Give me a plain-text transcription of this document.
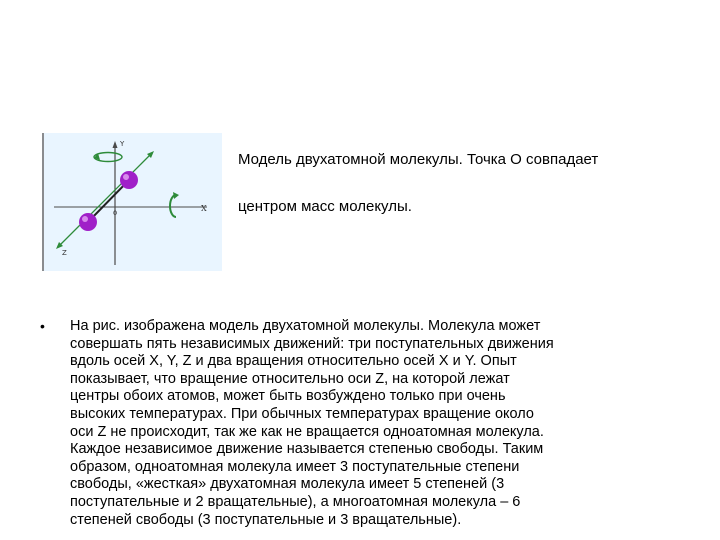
Y
X
Z
0

Модель двухатомной молекулы. Точка О совпадает

центром масс молекулы.

•	На рис. изображена модель двухатомной молекулы. Молекула может
совершать пять независимых движений: три поступательных движения
вдоль осей X, Y, Z и два вращения относительно осей X и Y. Опыт
показывает, что вращение относительно оси Z, на которой лежат
центры обоих атомов, может быть возбуждено только при очень
высоких температурах. При обычных температурах вращение около
оси Z не происходит, так же как не вращается одноатомная молекула.
Каждое независимое движение называется степенью свободы. Таким
образом, одноатомная молекула имеет 3 поступательные степени
свободы, «жесткая» двухатомная молекула имеет 5 степеней (3
поступательные и 2 вращательные), а многоатомная молекула – 6
степеней свободы (3 поступательные и 3 вращательные).
